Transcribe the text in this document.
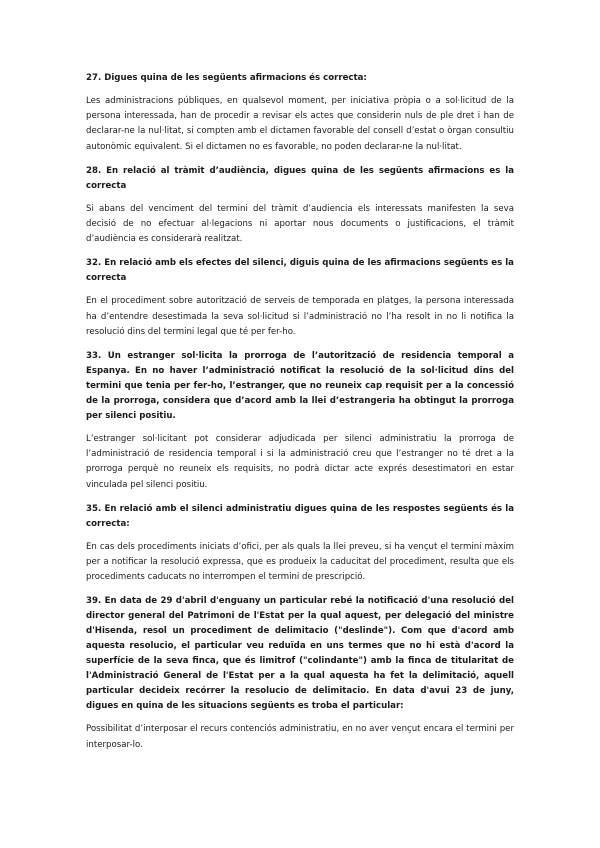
27. Digues quina de les següents afirmacions és correcta:

Les administracions públiques, en qualsevol moment, per iniciativa pròpia o a sol·licitud de la persona interessada, han de procedir a revisar els actes que considerin nuls de ple dret i han de declarar-ne la nul·litat, si compten amb el dictamen favorable del consell d’estat o òrgan consultiu autonòmic equivalent. Si el dictamen no es favorable, no poden declarar-ne la nul·litat.

28. En relació al tràmit d’audiència, digues quina de les següents afirmacions es la correcta

Si abans del venciment del termini del tràmit d’audiencia els interessats manifesten la seva decisió de no efectuar al·legacions ni aportar nous documents o justificacions, el tràmit d’audiència es considerarà realitzat.

32. En relació amb els efectes del silenci, diguis quina de les afirmacions següents es la correcta

En el procediment sobre autorització de serveis de temporada en platges, la persona interessada ha d’entendre desestimada la seva sol·licitud si l’administració no l’ha resolt in no li notifica la resolució dins del termini legal que té per fer-ho.

33. Un estranger sol·licita la prorroga de l’autorització de residencia temporal a Espanya. En no haver l’administració notificat la resolució de la sol·licitud dins del termini que tenia per fer-ho, l’estranger, que no reuneix cap requisit per a la concessió de la prorroga, considera que d’acord amb la llei d’estrangeria ha obtingut la prorroga per silenci positiu.

L’estranger sol·licitant pot considerar adjudicada per silenci administratiu la prorroga de l’administració de residencia temporal i si la administració creu que l’estranger no té dret a la prorroga perquè no reuneix els requisits, no podrà dictar acte exprés desestimatori en estar vinculada pel silenci positiu.

35. En relació amb el silenci administratiu digues quina de les respostes següents és la correcta:

En cas dels procediments iniciats d’ofici, per als quals la llei preveu, si ha vençut el termini màxim per a notificar la resolució expressa, que es produeix la caducitat del procediment, resulta que els procediments caducats no interrompen el termini de prescripció.

39. En data de 29 d'abril d'enguany un particular rebé la notificació d'una resolució del director general del Patrimoni de l'Estat per la qual aquest, per delegació del ministre d'Hisenda, resol un procediment de delimitacio ("deslinde"). Com que d'acord amb aquesta resolucio, el particular veu reduïda en uns termes que no hi està d'acord la superfície de la seva finca, que és limitrof ("colindante") amb la finca de titularitat de l'Administració General de l'Estat per a la qual aquesta ha fet la delimitació, aquell particular decideix recórrer la resolucio de delimitacio. En data d'avui 23 de juny, digues en quina de les situacions següents es troba el particular:

Possibilitat d’interposar el recurs contenciós administratiu, en no aver vençut encara el termini per interposar-lo.
